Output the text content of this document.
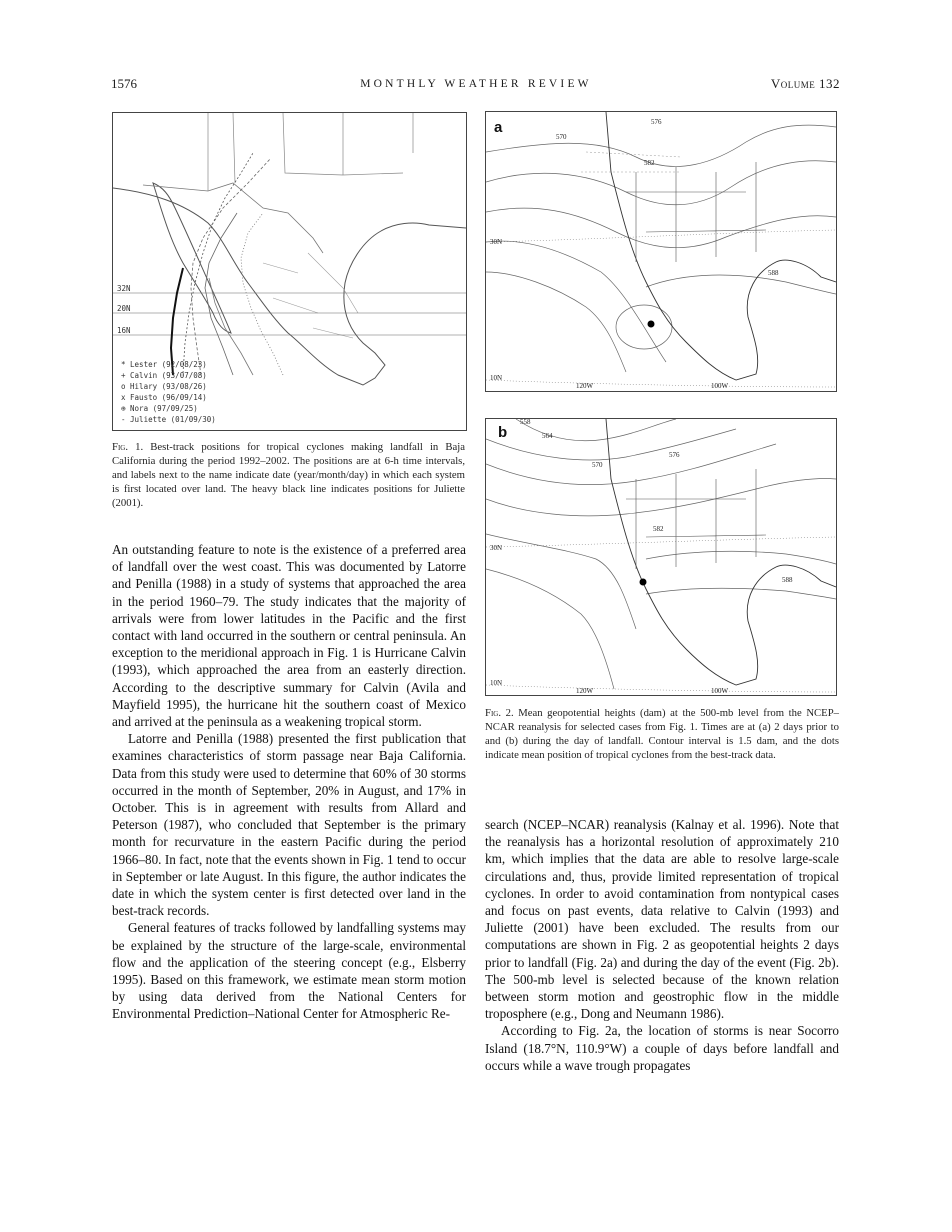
1576	MONTHLY WEATHER REVIEW	Volume 132
32N
20N
16N
* Lester (92/08/23)
+ Calvin (93/07/08)
o Hilary (93/08/26)
x Fausto (96/09/14)
⊕ Nora (97/09/25)
- Juliette (01/09/30)
Fig. 1. Best-track positions for tropical cyclones making landfall in Baja California during the period 1992–2002. The positions are at 6-h time intervals, and labels next to the name indicate date (year/month/day) in which each system is first located over land. The heavy black line indicates positions for Juliette (2001).
a
570
576
582
588
30N
10N
120W	100W
b
558
564
570
576
582
588
30N
10N
120W	100W
Fig. 2. Mean geopotential heights (dam) at the 500-mb level from the NCEP–NCAR reanalysis for selected cases from Fig. 1. Times are at (a) 2 days prior to and (b) during the day of landfall. Contour interval is 1.5 dam, and the dots indicate mean position of tropical cyclones from the best-track data.

An outstanding feature to note is the existence of a preferred area of landfall over the west coast. This was documented by Latorre and Penilla (1988) in a study of systems that approached the area in the period 1960–79. The study indicates that the majority of arrivals were from lower latitudes in the Pacific and the first contact with land occurred in the southern or central peninsula. An exception to the meridional approach in Fig. 1 is Hurricane Calvin (1993), which approached the area from an easterly direction. According to the descriptive summary for Calvin (Avila and Mayfield 1995), the hurricane hit the southern coast of Mexico and arrived at the peninsula as a weakening tropical storm.

Latorre and Penilla (1988) presented the first publication that examines characteristics of storm passage near Baja California. Data from this study were used to determine that 60% of 30 storms occurred in the month of September, 20% in August, and 17% in October. This is in agreement with results from Allard and Peterson (1987), who concluded that September is the primary month for recurvature in the eastern Pacific during the period 1966–80. In fact, note that the events shown in Fig. 1 tend to occur in September or late August. In this figure, the author indicates the date in which the system center is first detected over land in the best-track records.

General features of tracks followed by landfalling systems may be explained by the structure of the large-scale, environmental flow and the application of the steering concept (e.g., Elsberry 1995). Based on this framework, we estimate mean storm motion by using data derived from the National Centers for Environmental Prediction–National Center for Atmospheric Re-

search (NCEP–NCAR) reanalysis (Kalnay et al. 1996). Note that the reanalysis has a horizontal resolution of approximately 210 km, which implies that the data are able to resolve large-scale circulations and, thus, provide limited representation of tropical cyclones. In order to avoid contamination from nontypical cases and focus on past events, data relative to Calvin (1993) and Juliette (2001) have been excluded. The results from our computations are shown in Fig. 2 as geopotential heights 2 days prior to landfall (Fig. 2a) and during the day of the event (Fig. 2b). The 500-mb level is selected because of the known relation between storm motion and geostrophic flow in the middle troposphere (e.g., Dong and Neumann 1986).

According to Fig. 2a, the location of storms is near Socorro Island (18.7°N, 110.9°W) a couple of days before landfall and occurs while a wave trough propagates
